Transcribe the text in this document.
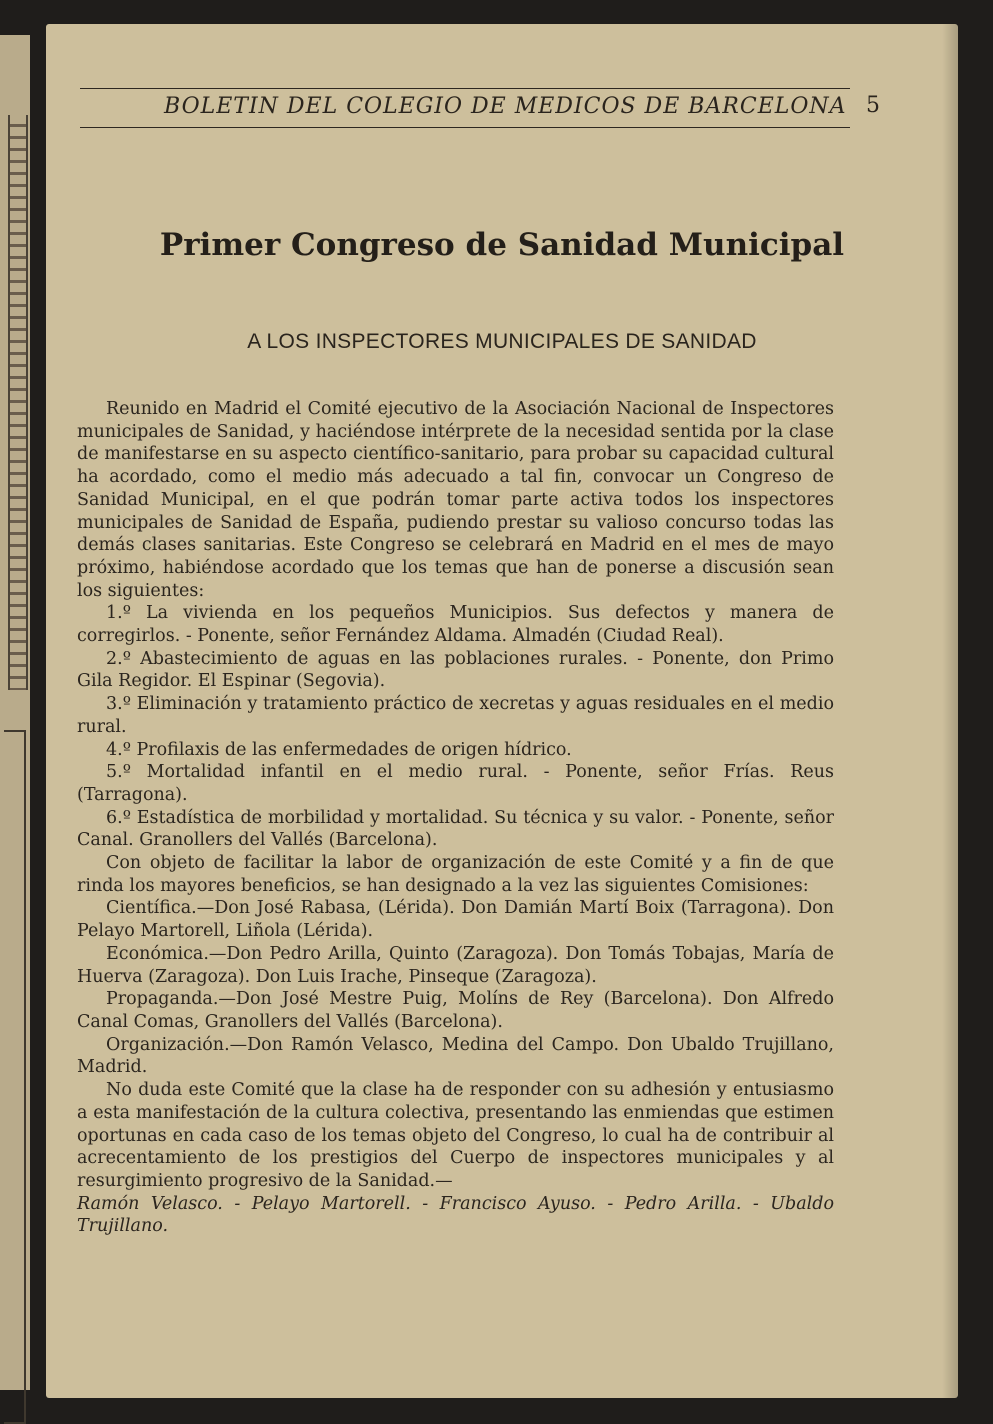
BOLETIN DEL COLEGIO DE MEDICOS DE BARCELONA 5
Primer Congreso de Sanidad Municipal
A LOS INSPECTORES MUNICIPALES DE SANIDAD

Reunido en Madrid el Comité ejecutivo de la Asociación Nacional de Inspectores municipales de Sanidad, y haciéndose intérprete de la necesidad sentida por la clase de manifestarse en su aspecto científico-sanitario, para probar su capacidad cultural ha acordado, como el medio más adecuado a tal fin, convocar un Congreso de Sanidad Municipal, en el que podrán tomar parte activa todos los inspectores municipales de Sanidad de España, pudiendo prestar su valioso concurso todas las demás clases sanitarias. Este Congreso se celebrará en Madrid en el mes de mayo próximo, habiéndose acordado que los temas que han de ponerse a discusión sean los siguientes:

1.º La vivienda en los pequeños Municipios. Sus defectos y manera de corregirlos. - Ponente, señor Fernández Aldama. Almadén (Ciudad Real).

2.º Abastecimiento de aguas en las poblaciones rurales. - Ponente, don Primo Gila Regidor. El Espinar (Segovia).

3.º Eliminación y tratamiento práctico de xecretas y aguas residuales en el medio rural.

4.º Profilaxis de las enfermedades de origen hídrico.

5.º Mortalidad infantil en el medio rural. - Ponente, señor Frías. Reus (Tarragona).

6.º Estadística de morbilidad y mortalidad. Su técnica y su valor. - Ponente, señor Canal. Granollers del Vallés (Barcelona).

Con objeto de facilitar la labor de organización de este Comité y a fin de que rinda los mayores beneficios, se han designado a la vez las siguientes Comisiones:

Científica.—Don José Rabasa, (Lérida). Don Damián Martí Boix (Tarragona). Don Pelayo Martorell, Liñola (Lérida).

Económica.—Don Pedro Arilla, Quinto (Zaragoza). Don Tomás Tobajas, María de Huerva (Zaragoza). Don Luis Irache, Pinseque (Zaragoza).

Propaganda.—Don José Mestre Puig, Molíns de Rey (Barcelona). Don Alfredo Canal Comas, Granollers del Vallés (Barcelona).

Organización.—Don Ramón Velasco, Medina del Campo. Don Ubaldo Trujillano, Madrid.

No duda este Comité que la clase ha de responder con su adhesión y entusiasmo a esta manifestación de la cultura colectiva, presentando las enmiendas que estimen oportunas en cada caso de los temas objeto del Congreso, lo cual ha de contribuir al acrecentamiento de los prestigios del Cuerpo de inspectores municipales y al resurgimiento progresivo de la Sanidad.—

Ramón Velasco. - Pelayo Martorell. - Francisco Ayuso. - Pedro Arilla. - Ubaldo Trujillano.
